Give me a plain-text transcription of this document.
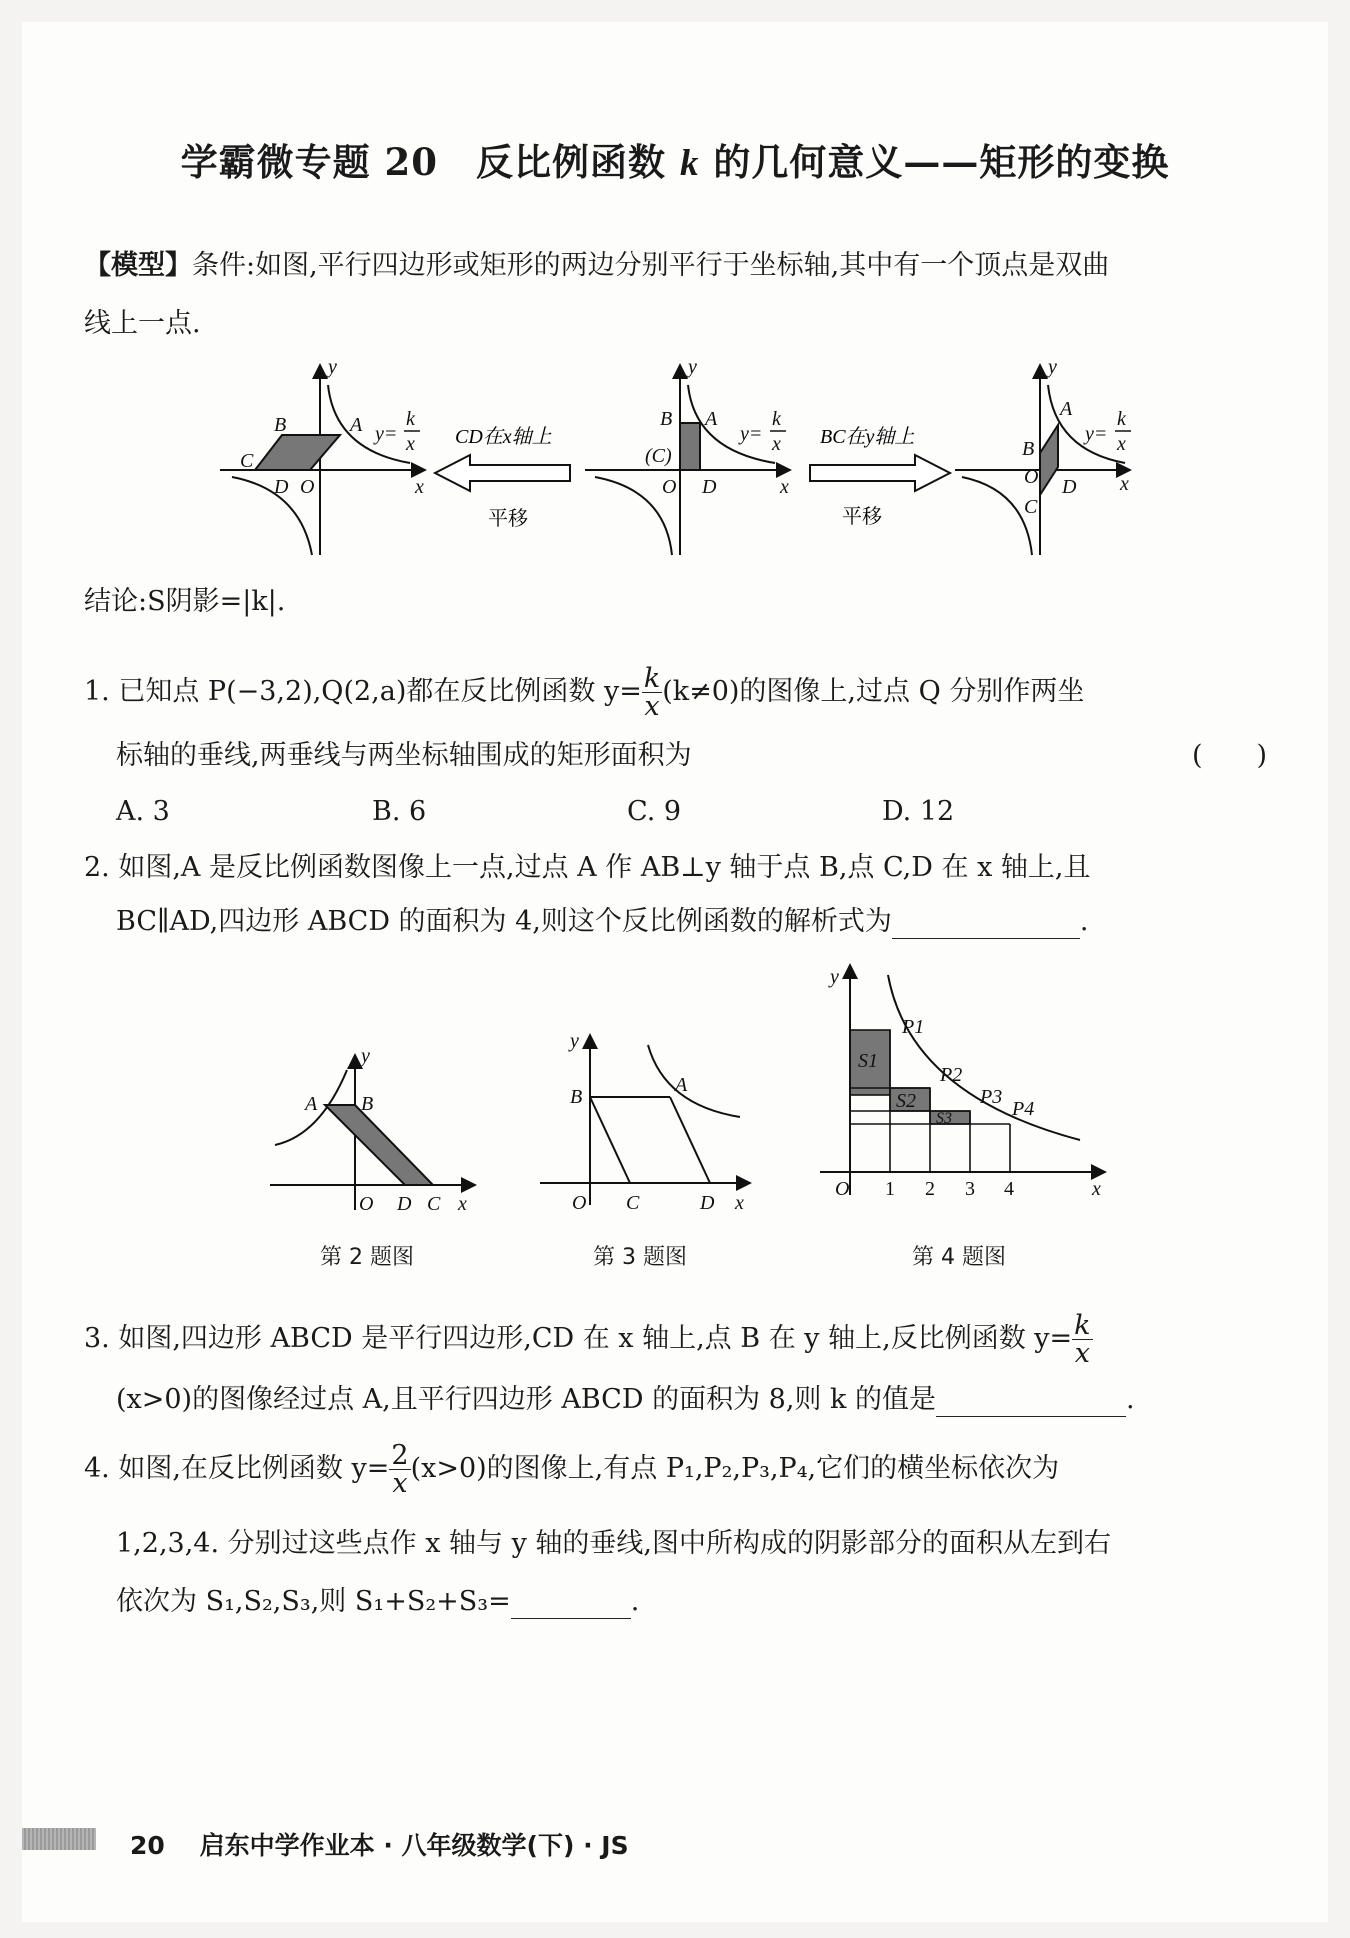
学霸微专题 20　反比例函数 k 的几何意义——矩形的变换
【模型】条件:如图,平行四边形或矩形的两边分别平行于坐标轴,其中有一个顶点是双曲
线上一点.
y
B	A
C
D O	x
y=
k
x CD在x轴上
平移
y
B A
(C)
O D	x
y=
k
x BC在y轴上
平移
y
A
B
O D
C
x
y=
k
x
结论:S阴影=|k|.
1. 已知点 P(−3,2),Q(2,a)都在反比例函数 $y= \frac{k}{x} (k\ne 0)$的图像上,过点 Q 分别作两坐
标轴的垂线,两垂线与两坐标轴围成的矩形面积为	(　　)
A. 3	B. 6	C. 9	D. 12
2. 如图,A 是反比例函数图像上一点,过点 A 作 AB⊥y 轴于点 B,点 C,D 在 x 轴上,且
BC∥AD,四边形 ABCD 的面积为 4,则这个反比例函数的解析式为	.
y
A B
O D C x
第 2 题图
y
B
A
O C	D x
第 3 题图
y
P1
P2
P3
P4
S1
S2
S3
O 1 2 3 4	x
第 4 题图
3. 如图,四边形 ABCD 是平行四边形,CD 在 x 轴上,点 B 在 y 轴上,反比例函数 $y= \frac{k}{x}$
(x>0)的图像经过点 A,且平行四边形 ABCD 的面积为 8,则 k 的值是	.
4. 如图,在反比例函数 $y= \frac{2}{x} (x>0)$的图像上,有点 P₁,P₂,P₃,P₄,它们的横坐标依次为
1,2,3,4. 分别过这些点作 x 轴与 y 轴的垂线,图中所构成的阴影部分的面积从左到右
依次为 S₁,S₂,S₃,则 S₁+S₂+S₃=	.
20 启东中学作业本 · 八年级数学(下) · JS
